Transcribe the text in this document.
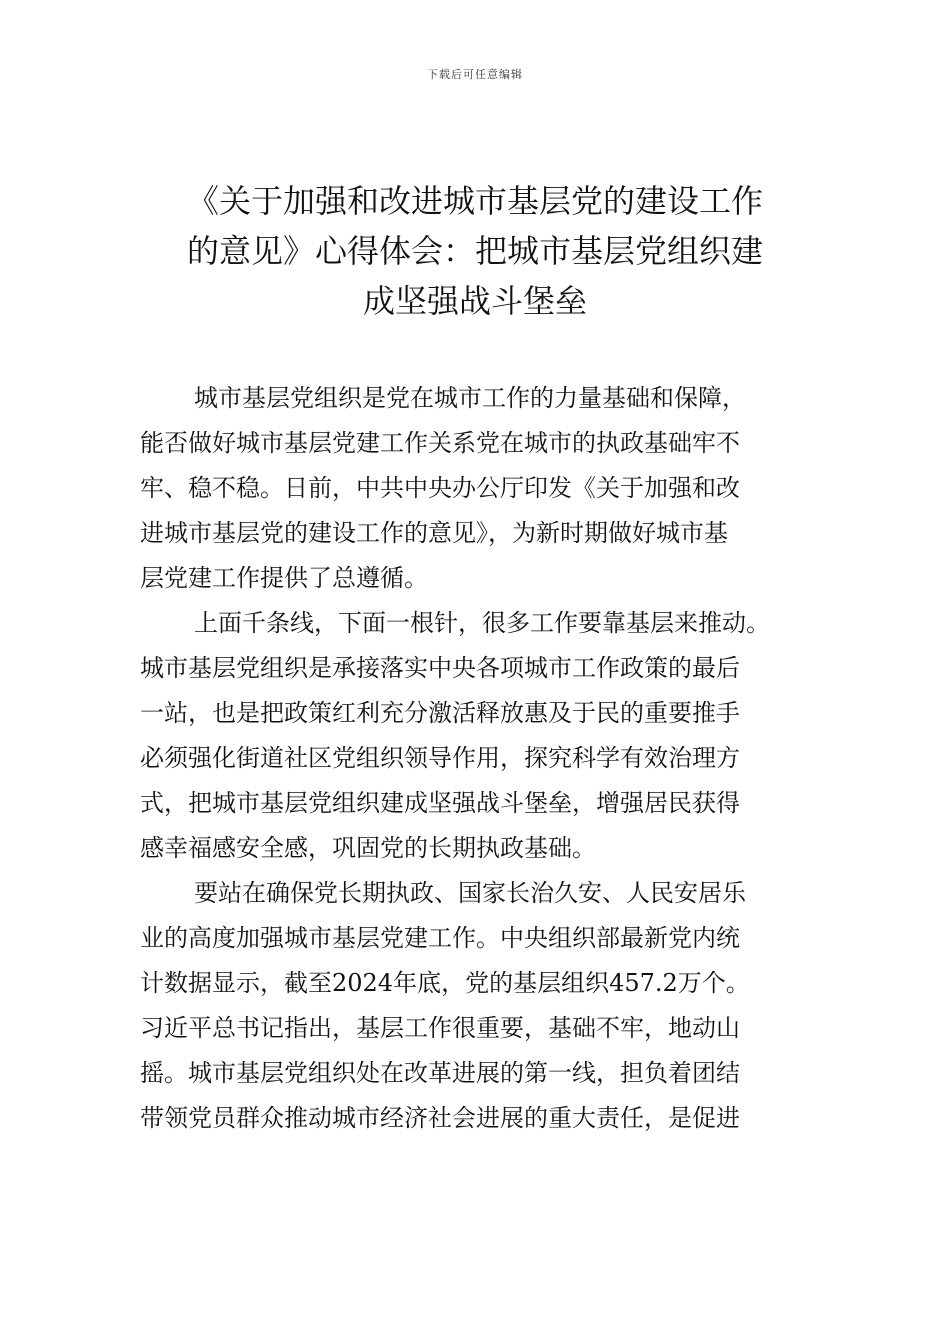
下载后可任意编辑
《关于加强和改进城市基层党的建设工作
的意见》心得体会：把城市基层党组织建
成坚强战斗堡垒
城市基层党组织是党在城市工作的力量基础和保障，
能否做好城市基层党建工作关系党在城市的执政基础牢不
牢、稳不稳。日前，中共中央办公厅印发《关于加强和改
进城市基层党的建设工作的意见》，为新时期做好城市基
层党建工作提供了总遵循。
上面千条线，下面一根针，很多工作要靠基层来推动。
城市基层党组织是承接落实中央各项城市工作政策的最后
一站，也是把政策红利充分激活释放惠及于民的重要推手
必须强化街道社区党组织领导作用，探究科学有效治理方
式，把城市基层党组织建成坚强战斗堡垒，增强居民获得
感幸福感安全感，巩固党的长期执政基础。
要站在确保党长期执政、国家长治久安、人民安居乐
业的高度加强城市基层党建工作。中央组织部最新党内统
计数据显示，截至2024年底，党的基层组织457.2万个。
习近平总书记指出，基层工作很重要，基础不牢，地动山
摇。城市基层党组织处在改革进展的第一线，担负着团结
带领党员群众推动城市经济社会进展的重大责任，是促进
